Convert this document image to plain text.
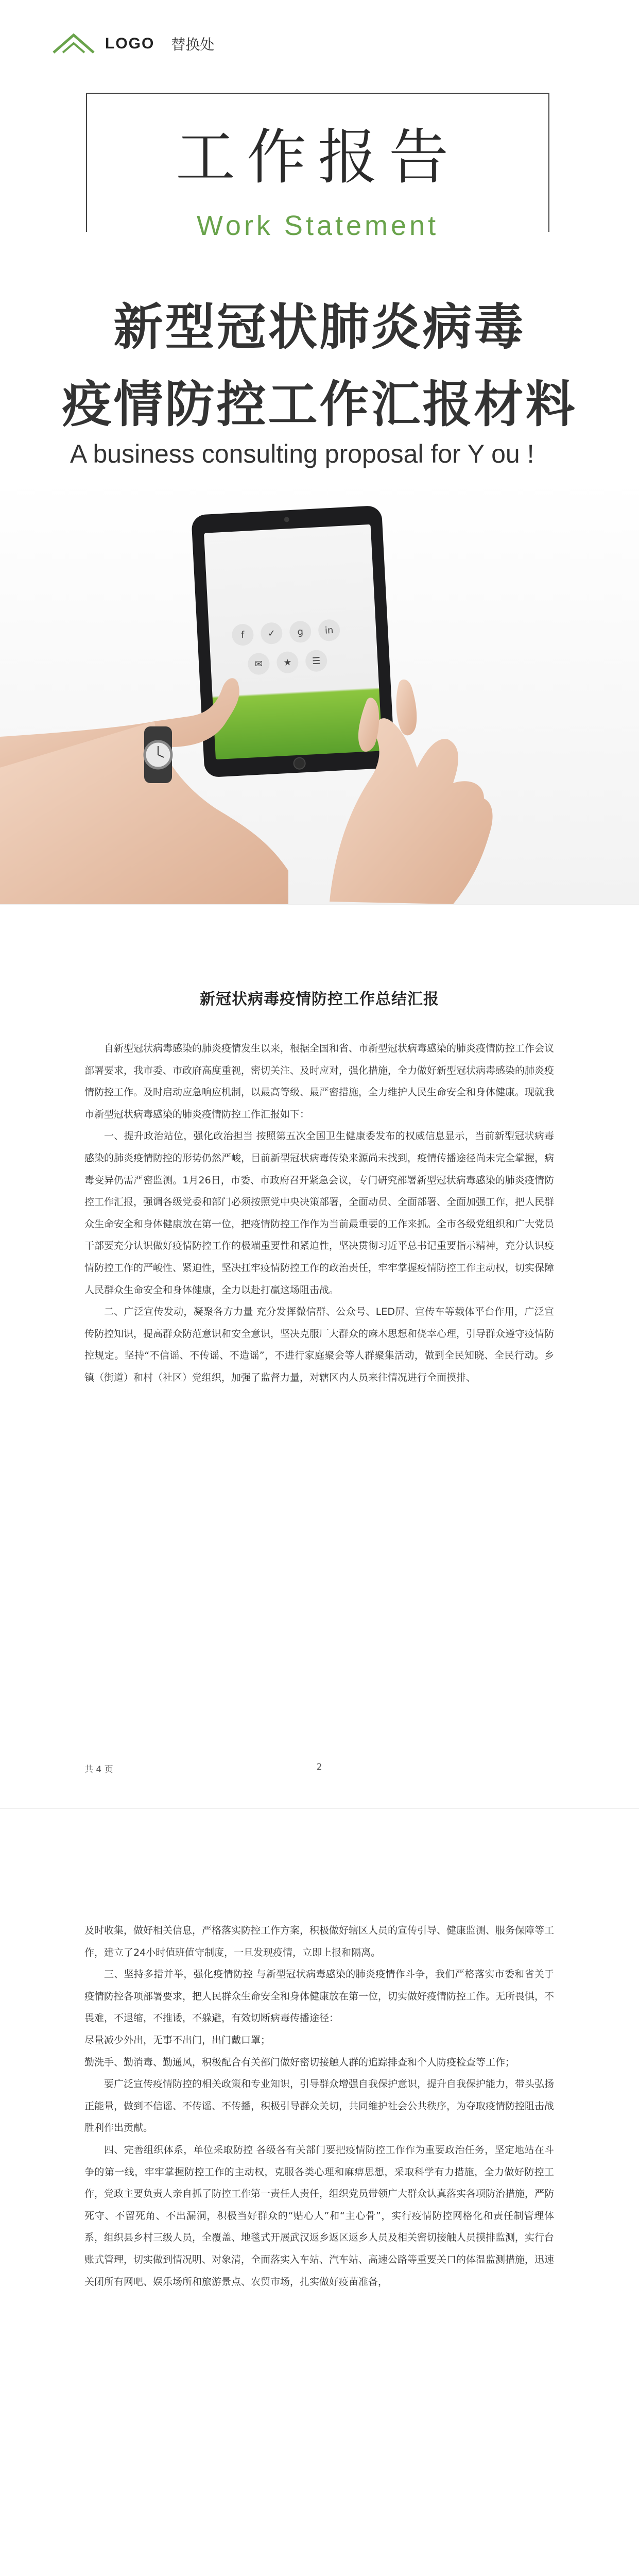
LOGO 替换处
工作报告
Work Statement
新型冠状肺炎病毒
疫情防控工作汇报材料
A business consulting proposal for Y ou !
f ✓ g in
✉ ★ ☰
新冠状病毒疫情防控工作总结汇报

自新型冠状病毒感染的肺炎疫情发生以来，根据全国和省、市新型冠状病毒感染的肺炎疫情防控工作会议部署要求，我市委、市政府高度重视，密切关注、及时应对，强化措施，全力做好新型冠状病毒感染的肺炎疫情防控工作。及时启动应急响应机制，以最高等级、最严密措施，全力维护人民生命安全和身体健康。现就我市新型冠状病毒感染的肺炎疫情防控工作汇报如下：

一、提升政治站位，强化政治担当 按照第五次全国卫生健康委发布的权威信息显示，当前新型冠状病毒感染的肺炎疫情防控的形势仍然严峻，目前新型冠状病毒传染来源尚未找到，疫情传播途径尚未完全掌握，病毒变异仍需严密监测。1月26日，市委、市政府召开紧急会议，专门研究部署新型冠状病毒感染的肺炎疫情防控工作汇报，强调各级党委和部门必须按照党中央决策部署，全面动员、全面部署、全面加强工作，把人民群众生命安全和身体健康放在第一位，把疫情防控工作作为当前最重要的工作来抓。全市各级党组织和广大党员干部要充分认识做好疫情防控工作的极端重要性和紧迫性，坚决贯彻习近平总书记重要指示精神，充分认识疫情防控工作的严峻性、紧迫性，坚决扛牢疫情防控工作的政治责任，牢牢掌握疫情防控工作主动权，切实保障人民群众生命安全和身体健康，全力以赴打赢这场阻击战。

二、广泛宣传发动，凝聚各方力量 充分发挥微信群、公众号、LED屏、宣传车等载体平台作用，广泛宣传防控知识，提高群众防范意识和安全意识，坚决克服厂大群众的麻木思想和侥幸心理，引导群众遵守疫情防控规定。坚持“不信谣、不传谣、不造谣”，不进行家庭聚会等人群聚集活动，做到全民知晓、全民行动。乡镇（街道）和村（社区）党组织，加强了监督力量，对辖区内人员来往情况进行全面摸排、

共 4 页	2

及时收集，做好相关信息，严格落实防控工作方案，积极做好辖区人员的宣传引导、健康监测、服务保障等工作，建立了24小时值班值守制度，一旦发现疫情，立即上报和隔离。

三、坚持多措并举，强化疫情防控 与新型冠状病毒感染的肺炎疫情作斗争，我们严格落实市委和省关于疫情防控各项部署要求，把人民群众生命安全和身体健康放在第一位，切实做好疫情防控工作。无所畏惧，不畏难，不退缩，不推诿，不躲避，有效切断病毒传播途径：

尽量减少外出，无事不出门，出门戴口罩；

勤洗手、勤消毒、勤通风，积极配合有关部门做好密切接触人群的追踪排查和个人防疫检查等工作；

要广泛宣传疫情防控的相关政策和专业知识，引导群众增强自我保护意识，提升自我保护能力，带头弘扬正能量，做到不信谣、不传谣、不传播，积极引导群众关切，共同维护社会公共秩序，为夺取疫情防控阻击战胜利作出贡献。

四、完善组织体系，单位采取防控 各级各有关部门要把疫情防控工作作为重要政治任务，坚定地站在斗争的第一线，牢牢掌握防控工作的主动权，克服各类心理和麻痹思想，采取科学有力措施，全力做好防控工作，党政主要负责人亲自抓了防控工作第一责任人责任，组织党员带领广大群众认真落实各项防治措施，严防死守、不留死角、不出漏洞，积极当好群众的“贴心人”和“主心骨”，实行疫情防控网格化和责任制管理体系，组织县乡村三级人员，全覆盖、地毯式开展武汉返乡返区返乡人员及相关密切接触人员摸排监测，实行台账式管理，切实做到情况明、对象清，全面落实入车站、汽车站、高速公路等重要关口的体温监测措施，迅速关闭所有网吧、娱乐场所和旅游景点、农贸市场，扎实做好疫苗准备，
